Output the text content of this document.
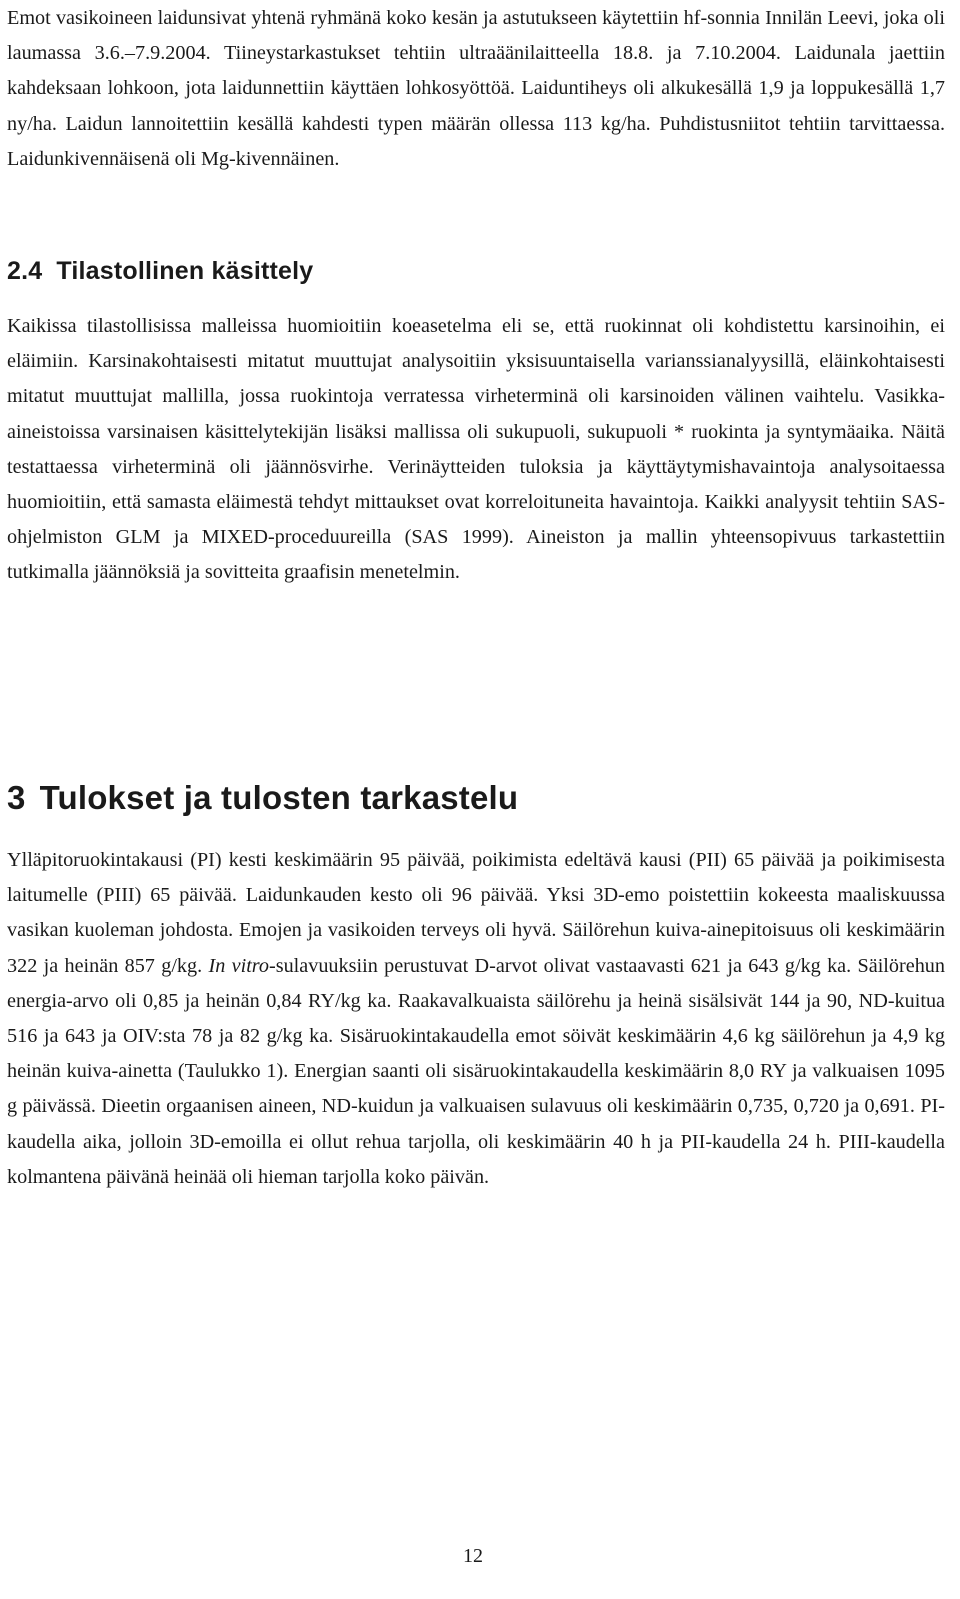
Emot vasikoineen laidunsivat yhtenä ryhmänä koko kesän ja astutukseen käytettiin hf-sonnia Innilän Leevi, joka oli laumassa 3.6.–7.9.2004. Tiineystarkastukset tehtiin ultraäänilaitteella 18.8. ja 7.10.2004. Laidunala jaettiin kahdeksaan lohkoon, jota laidunnettiin käyttäen lohkosyöttöä. Laiduntiheys oli alkukesällä 1,9 ja loppukesällä 1,7 ny/ha. Laidun lannoitettiin kesällä kahdesti typen määrän ollessa 113 kg/ha. Puhdistusniitot tehtiin tarvittaessa. Laidunkivennäisenä oli Mg-kivennäinen.

2.4 Tilastollinen käsittely

Kaikissa tilastollisissa malleissa huomioitiin koeasetelma eli se, että ruokinnat oli kohdistettu karsinoihin, ei eläimiin. Karsinakohtaisesti mitatut muuttujat analysoitiin yksisuuntaisella varianssianalyysillä, eläinkohtaisesti mitatut muuttujat mallilla, jossa ruokintoja verratessa virheterminä oli karsinoiden välinen vaihtelu. Vasikka-aineistoissa varsinaisen käsittelytekijän lisäksi mallissa oli sukupuoli, sukupuoli * ruokinta ja syntymäaika. Näitä testattaessa virheterminä oli jäännösvirhe. Verinäytteiden tuloksia ja käyttäytymishavaintoja analysoitaessa huomioitiin, että samasta eläimestä tehdyt mittaukset ovat korreloituneita havaintoja. Kaikki analyysit tehtiin SAS-ohjelmiston GLM ja MIXED-proceduureilla (SAS 1999). Aineiston ja mallin yhteensopivuus tarkastettiin tutkimalla jäännöksiä ja sovitteita graafisin menetelmin.

3 Tulokset ja tulosten tarkastelu

Ylläpitoruokintakausi (PI) kesti keskimäärin 95 päivää, poikimista edeltävä kausi (PII) 65 päivää ja poikimisesta laitumelle (PIII) 65 päivää. Laidunkauden kesto oli 96 päivää. Yksi 3D-emo poistettiin kokeesta maaliskuussa vasikan kuoleman johdosta. Emojen ja vasikoiden terveys oli hyvä. Säilörehun kuiva-ainepitoisuus oli keskimäärin 322 ja heinän 857 g/kg. In vitro-sulavuuksiin perustuvat D-arvot olivat vastaavasti 621 ja 643 g/kg ka. Säilörehun energia-arvo oli 0,85 ja heinän 0,84 RY/kg ka. Raakavalkuaista säilörehu ja heinä sisälsivät 144 ja 90, ND-kuitua 516 ja 643 ja OIV:sta 78 ja 82 g/kg ka. Sisäruokintakaudella emot söivät keskimäärin 4,6 kg säilörehun ja 4,9 kg heinän kuiva-ainetta (Taulukko 1). Energian saanti oli sisäruokintakaudella keskimäärin 8,0 RY ja valkuaisen 1095 g päivässä. Dieetin orgaanisen aineen, ND-kuidun ja valkuaisen sulavuus oli keskimäärin 0,735, 0,720 ja 0,691. PI-kaudella aika, jolloin 3D-emoilla ei ollut rehua tarjolla, oli keskimäärin 40 h ja PII-kaudella 24 h. PIII-kaudella kolmantena päivänä heinää oli hieman tarjolla koko päivän.

12
